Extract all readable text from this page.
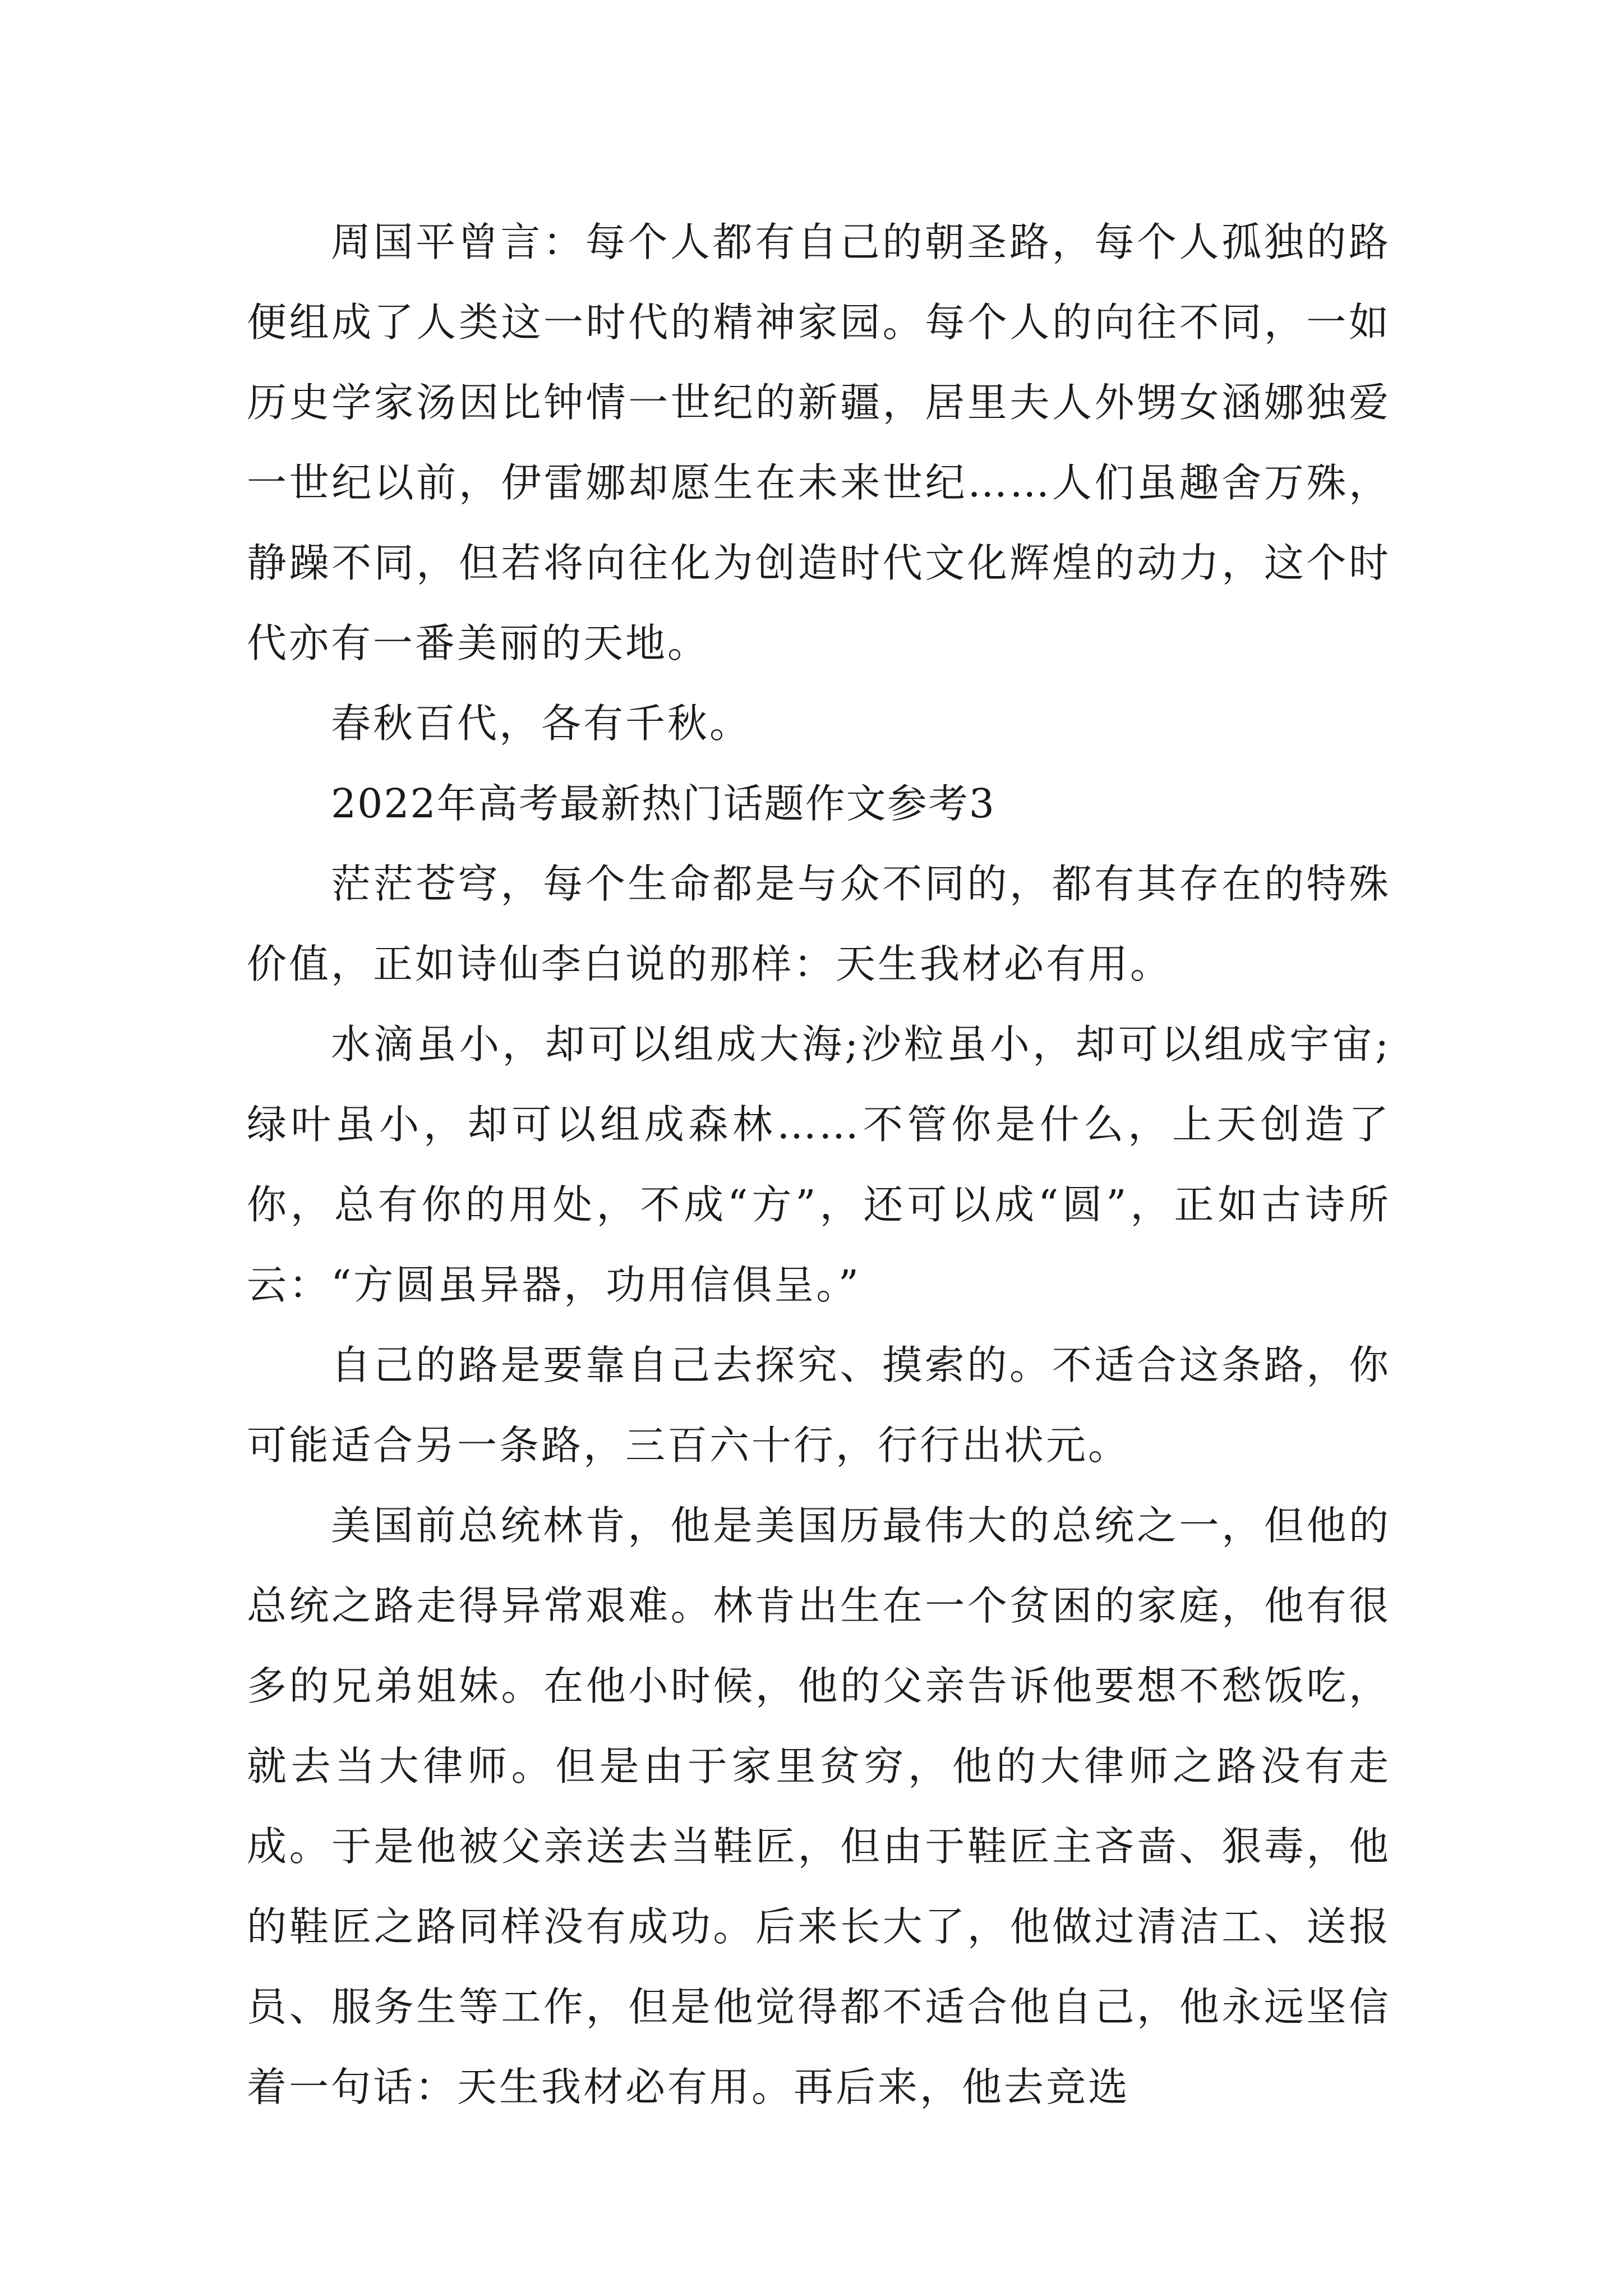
周国平曾言：每个人都有自己的朝圣路，每个人孤独的路便组成了人类这一时代的精神家园。每个人的向往不同，一如历史学家汤因比钟情一世纪的新疆，居里夫人外甥女涵娜独爱一世纪以前，伊雷娜却愿生在未来世纪……人们虽趣舍万殊，静躁不同，但若将向往化为创造时代文化辉煌的动力，这个时代亦有一番美丽的天地。

春秋百代，各有千秋。

2022年高考最新热门话题作文参考3

茫茫苍穹，每个生命都是与众不同的，都有其存在的特殊价值，正如诗仙李白说的那样：天生我材必有用。

水滴虽小，却可以组成大海;沙粒虽小，却可以组成宇宙;绿叶虽小，却可以组成森林……不管你是什么，上天创造了你，总有你的用处，不成“方”，还可以成“圆”，正如古诗所云：“方圆虽异器，功用信俱呈。”

自己的路是要靠自己去探究、摸索的。不适合这条路，你可能适合另一条路，三百六十行，行行出状元。

美国前总统林肯，他是美国历最伟大的总统之一，但他的总统之路走得异常艰难。林肯出生在一个贫困的家庭，他有很多的兄弟姐妹。在他小时候，他的父亲告诉他要想不愁饭吃，就去当大律师。但是由于家里贫穷，他的大律师之路没有走成。于是他被父亲送去当鞋匠，但由于鞋匠主吝啬、狠毒，他的鞋匠之路同样没有成功。后来长大了，他做过清洁工、送报员、服务生等工作，但是他觉得都不适合他自己，他永远坚信着一句话：天生我材必有用。再后来，他去竞选
